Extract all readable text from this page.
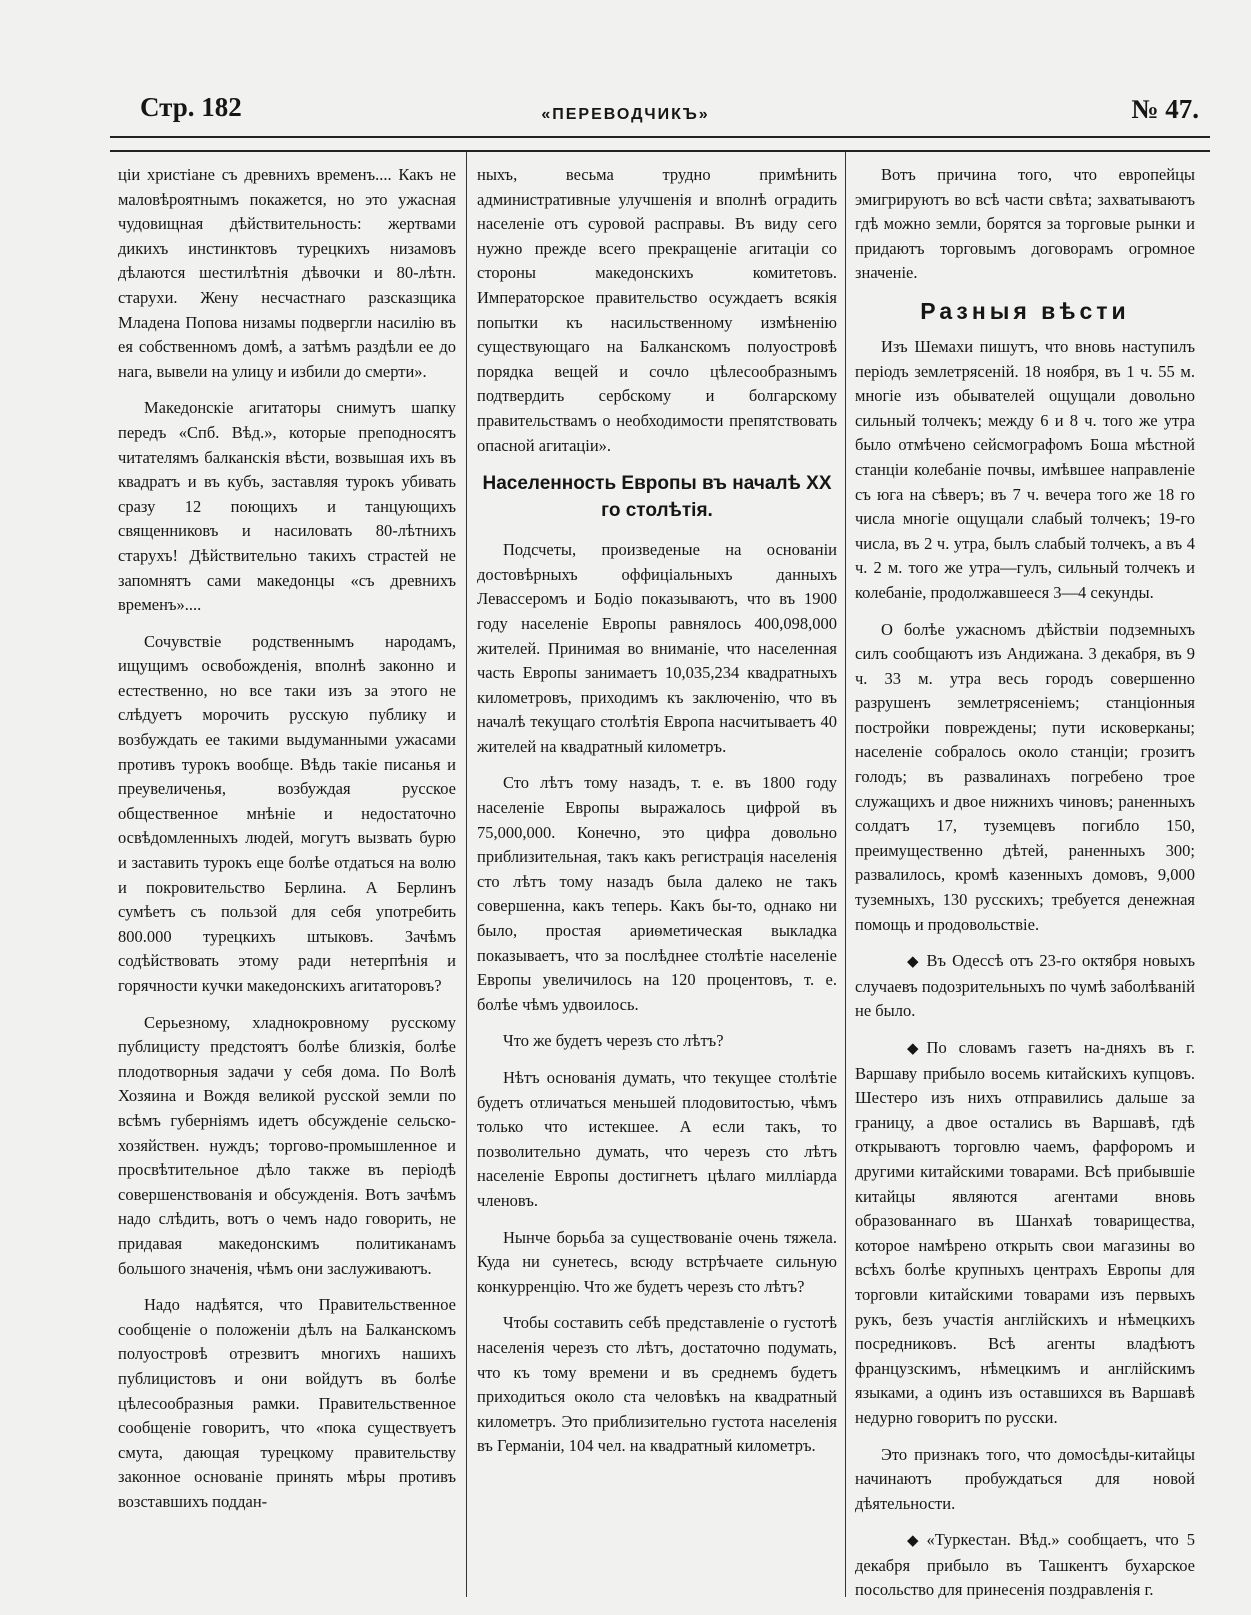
Стр. 182	«ПЕРЕВОДЧИКЪ»	№ 47.

ціи христіане съ древнихъ временъ.... Какъ не маловѣроятнымъ покажется, но это ужасная чудовищная дѣйствительность: жертвами дикихъ инстинктовъ турецкихъ низамовъ дѣлаются шестилѣтнія дѣвочки и 80-лѣтн. старухи. Жену несчастнаго разсказщика Младена Попова низамы подвергли насилію въ ея собственномъ домѣ, а затѣмъ раздѣли ее до нага, вывели на улицу и избили до смерти».

Македонскіе агитаторы снимутъ шапку передъ «Спб. Вѣд.», которые преподносятъ читателямъ балканскія вѣсти, возвышая ихъ въ квадратъ и въ кубъ, заставляя турокъ убивать сразу 12 поющихъ и танцующихъ священниковъ и насиловать 80-лѣтнихъ старухъ! Дѣйствительно такихъ страстей не запомнятъ сами македонцы «съ древнихъ временъ»....

Сочувствіе родственнымъ народамъ, ищущимъ освобожденія, вполнѣ законно и естественно, но все таки изъ за этого не слѣдуетъ морочить русскую публику и возбуждать ее такими выдуманными ужасами противъ турокъ вообще. Вѣдь такіе писанья и преувеличенья, возбуждая русское общественное мнѣніе и недостаточно освѣдомленныхъ людей, могутъ вызвать бурю и заставить турокъ еще болѣе отдаться на волю и покровительство Берлина. А Берлинъ сумѣетъ съ пользой для себя употребить 800.000 турецкихъ штыковъ. Зачѣмъ содѣйствовать этому ради нетерпѣнія и горячности кучки македонскихъ агитаторовъ?

Серьезному, хладнокровному русскому публицисту предстоятъ болѣе близкія, болѣе плодотворныя задачи у себя дома. По Волѣ Хозяина и Вождя великой русской земли по всѣмъ губерніямъ идетъ обсужденіе сельско-хозяйствен. нуждъ; торгово-промышленное и просвѣтительное дѣло также въ періодѣ совершенствованія и обсужденія. Вотъ зачѣмъ надо слѣдить, вотъ о чемъ надо говорить, не придавая македонскимъ политиканамъ большого значенія, чѣмъ они заслуживаютъ.

Надо надѣятся, что Правительственное сообщеніе о положеніи дѣлъ на Балканскомъ полуостровѣ отрезвитъ многихъ нашихъ публицистовъ и они войдутъ въ болѣе цѣлесообразныя рамки. Правительственное сообщеніе говоритъ, что «пока существуетъ смута, дающая турецкому правительству законное основаніе принять мѣры противъ возставшихъ поддан-

ныхъ, весьма трудно примѣнить административные улучшенія и вполнѣ оградить населеніе отъ суровой расправы. Въ виду сего нужно прежде всего прекращеніе агитаціи со стороны македонскихъ комитетовъ. Императорское правительство осуждаетъ всякія попытки къ насильственному измѣненію существующаго на Балканскомъ полуостровѣ порядка вещей и сочло цѣлесообразнымъ подтвердить сербскому и болгарскому правительствамъ о необходимости препятствовать опасной агитаціи».

Населенность Европы въ началѣ XX го столѣтія.

Подсчеты, произведеные на основаніи достовѣрныхъ оффиціальныхъ данныхъ Левассеромъ и Бодіо показываютъ, что въ 1900 году населеніе Европы равнялось 400,098,000 жителей. Принимая во вниманіе, что населенная часть Европы занимаетъ 10,035,234 квадратныхъ километровъ, приходимъ къ заключенію, что въ началѣ текущаго столѣтія Европа насчитываетъ 40 жителей на квадратный километръ.

Сто лѣтъ тому назадъ, т. е. въ 1800 году населеніе Европы выражалось цифрой въ 75,000,000. Конечно, это цифра довольно приблизительная, такъ какъ регистрація населенія сто лѣтъ тому назадъ была далеко не такъ совершенна, какъ теперь. Какъ бы-то, однако ни было, простая ариѳметическая выкладка показываетъ, что за послѣднее столѣтіе населеніе Европы увеличилось на 120 процентовъ, т. е. болѣе чѣмъ удвоилось.

Что же будетъ черезъ сто лѣтъ?

Нѣтъ основанія думать, что текущее столѣтіе будетъ отличаться меньшей плодовитостью, чѣмъ только что истекшее. А если такъ, то позволительно думать, что черезъ сто лѣтъ населеніе Европы достигнетъ цѣлаго милліарда членовъ.

Нынче борьба за существованіе очень тяжела. Куда ни сунетесь, всюду встрѣчаете сильную конкурренцію. Что же будетъ черезъ сто лѣтъ?

Чтобы составить себѣ представленіе о густотѣ населенія черезъ сто лѣтъ, достаточно подумать, что къ тому времени и въ среднемъ будетъ приходиться около ста человѣкъ на квадратный километръ. Это приблизительно густота населенія въ Германіи, 104 чел. на квадратный километръ.

Вотъ причина того, что европейцы эмигрируютъ во всѣ части свѣта; захватываютъ гдѣ можно земли, борятся за торговые рынки и придаютъ торговымъ договорамъ огромное значеніе.

Разныя вѣсти

Изъ Шемахи пишутъ, что вновь наступилъ періодъ землетрясеній. 18 ноября, въ 1 ч. 55 м. многіе изъ обывателей ощущали довольно сильный толчекъ; между 6 и 8 ч. того же утра было отмѣчено сейсмографомъ Боша мѣстной станціи колебаніе почвы, имѣвшее направленіе съ юга на сѣверъ; въ 7 ч. вечера того же 18 го числа многіе ощущали слабый толчекъ; 19-го числа, въ 2 ч. утра, былъ слабый толчекъ, а въ 4 ч. 2 м. того же утра—гулъ, сильный толчекъ и колебаніе, продолжавшееся 3—4 секунды.

О болѣе ужасномъ дѣйствіи подземныхъ силъ сообщаютъ изъ Андижана. 3 декабря, въ 9 ч. 33 м. утра весь городъ совершенно разрушенъ землетрясеніемъ; станціонныя постройки повреждены; пути исковерканы; населеніе собралось около станціи; грозитъ голодъ; въ развалинахъ погребено трое служащихъ и двое нижнихъ чиновъ; раненныхъ солдатъ 17, туземцевъ погибло 150, преимущественно дѣтей, раненныхъ 300; развалилось, кромѣ казенныхъ домовъ, 9,000 туземныхъ, 130 русскихъ; требуется денежная помощь и продовольствіе.

◆ Въ Одессѣ отъ 23-го октября новыхъ случаевъ подозрительныхъ по чумѣ заболѣваній не было.

◆ По словамъ газетъ на-дняхъ въ г. Варшаву прибыло восемь китайскихъ купцовъ. Шестеро изъ нихъ отправились дальше за границу, а двое остались въ Варшавѣ, гдѣ открываютъ торговлю чаемъ, фарфоромъ и другими китайскими товарами. Всѣ прибывшіе китайцы являются агентами вновь образованнаго въ Шанхаѣ товарищества, которое намѣрено открыть свои магазины во всѣхъ болѣе крупныхъ центрахъ Европы для торговли китайскими товарами изъ первыхъ рукъ, безъ участія англійскихъ и нѣмецкихъ посредниковъ. Всѣ агенты владѣютъ французскимъ, нѣмецкимъ и англійскимъ языками, а одинъ изъ оставшихся въ Варшавѣ недурно говоритъ по русски.

Это признакъ того, что домосѣды-китайцы начинаютъ пробуждаться для новой дѣятельности.

◆ «Туркестан. Вѣд.» сообщаетъ, что 5 декабря прибыло въ Ташкентъ бухарское посольство для принесенія поздравленія г.
